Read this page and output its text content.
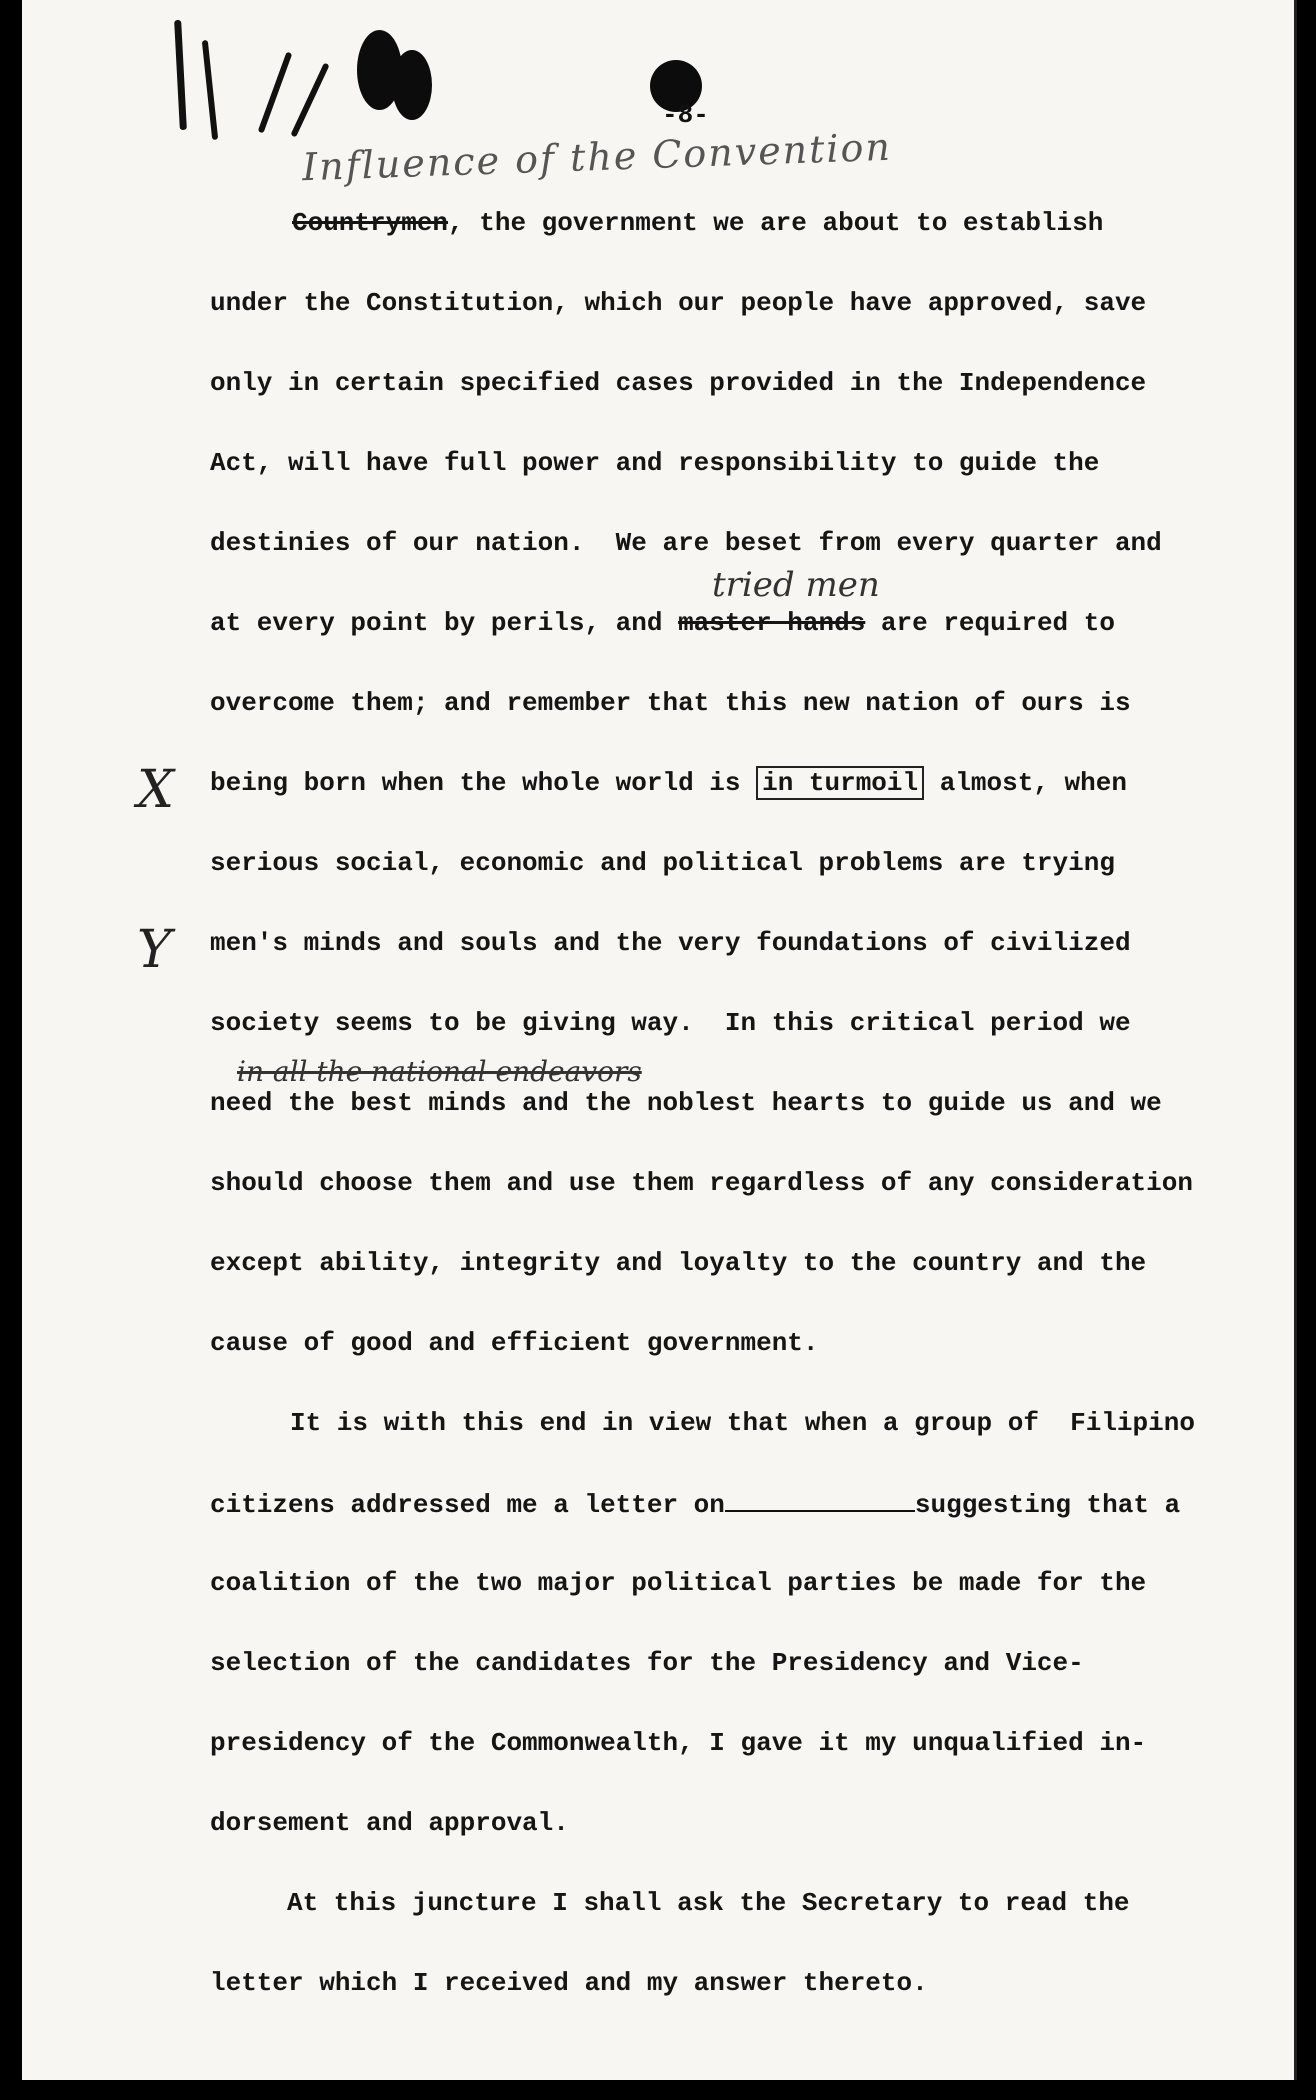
-8-
Influence of the Convention
X
Y
tried men
in all the national endeavors
Countrymen, the government we are about to establish
under the Constitution, which our people have approved, save
only in certain specified cases provided in the Independence
Act, will have full power and responsibility to guide the
destinies of our nation.  We are beset from every quarter and
at every point by perils, and master hands are required to
overcome them; and remember that this new nation of ours is
being born when the whole world is in turmoil almost, when
serious social, economic and political problems are trying
men's minds and souls and the very foundations of civilized
society seems to be giving way.  In this critical period we
need the best minds and the noblest hearts to guide us and we
should choose them and use them regardless of any consideration
except ability, integrity and loyalty to the country and the
cause of good and efficient government.
It is with this end in view that when a group of  Filipino
citizens addressed me a letter on	suggesting that a
coalition of the two major political parties be made for the
selection of the candidates for the Presidency and Vice-
presidency of the Commonwealth, I gave it my unqualified in-
dorsement and approval.
At this juncture I shall ask the Secretary to read the
letter which I received and my answer thereto.
